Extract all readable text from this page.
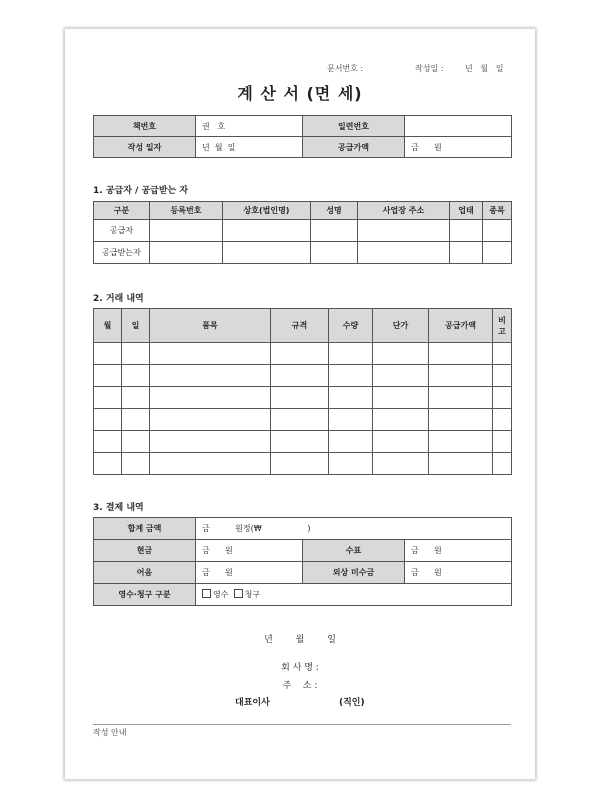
문서번호 :	작성일 :	년   월   일
계 산 서 (면 세)
책번호	권   호	일련번호	
작성 일자	년  월  일	공급가액	금      원
1. 공급자 / 공급받는 자
구분	등록번호	상호(법인명)	성명	사업장 주소	업태	종목
공급자						
공급받는자						
2. 거래 내역
월	일	품목	규격	수량	단가	공급가액	비고

3. 결제 내역
합계 금액	금          원정(₩                  )		
현금	금      원	수표	금      원
어음	금      원	외상 미수금	금      원
영수·청구 구분	영수 청구		
년        월        일
회 사 명 :
주    소 :
대표이사	(직인)
작성 안내
